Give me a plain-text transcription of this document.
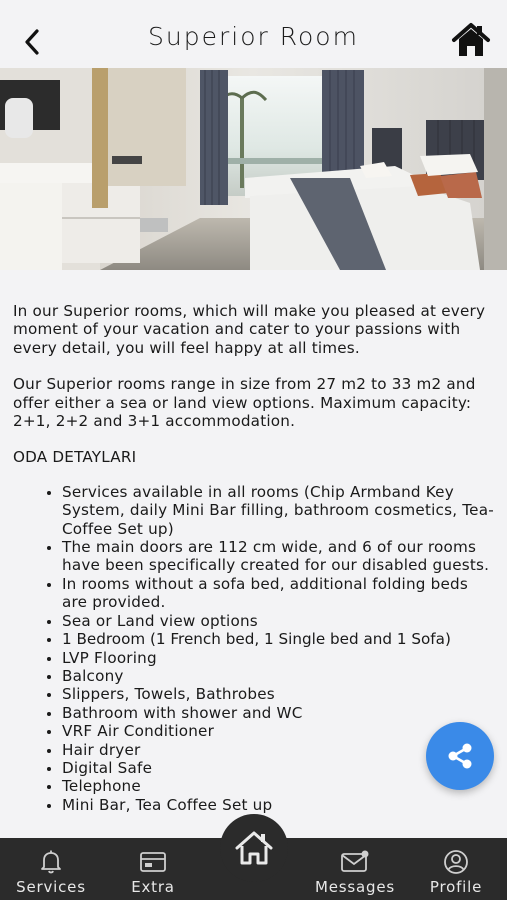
Superior Room

In our Superior rooms, which will make you pleased at every moment of your vacation and cater to your passions with every detail, you will feel happy at all times.

Our Superior rooms range in size from 27 m2 to 33 m2 and offer either a sea or land view options. Maximum capacity: 2+1, 2+2 and 3+1 accommodation.

ODA DETAYLARI
Services available in all rooms (Chip Armband Key System, daily Mini Bar filling, bathroom cosmetics, Tea-Coffee Set up)
The main doors are 112 cm wide, and 6 of our rooms have been specifically created for our disabled guests.
In rooms without a sofa bed, additional folding beds are provided.
Sea or Land view options
1 Bedroom (1 French bed, 1 Single bed and 1 Sofa)
LVP Flooring
Balcony
Slippers, Towels, Bathrobes
Bathroom with shower and WC
VRF Air Conditioner
Hair dryer
Digital Safe
Telephone
Mini Bar, Tea Coffee Set up
Services	Extra	Messages Profile
